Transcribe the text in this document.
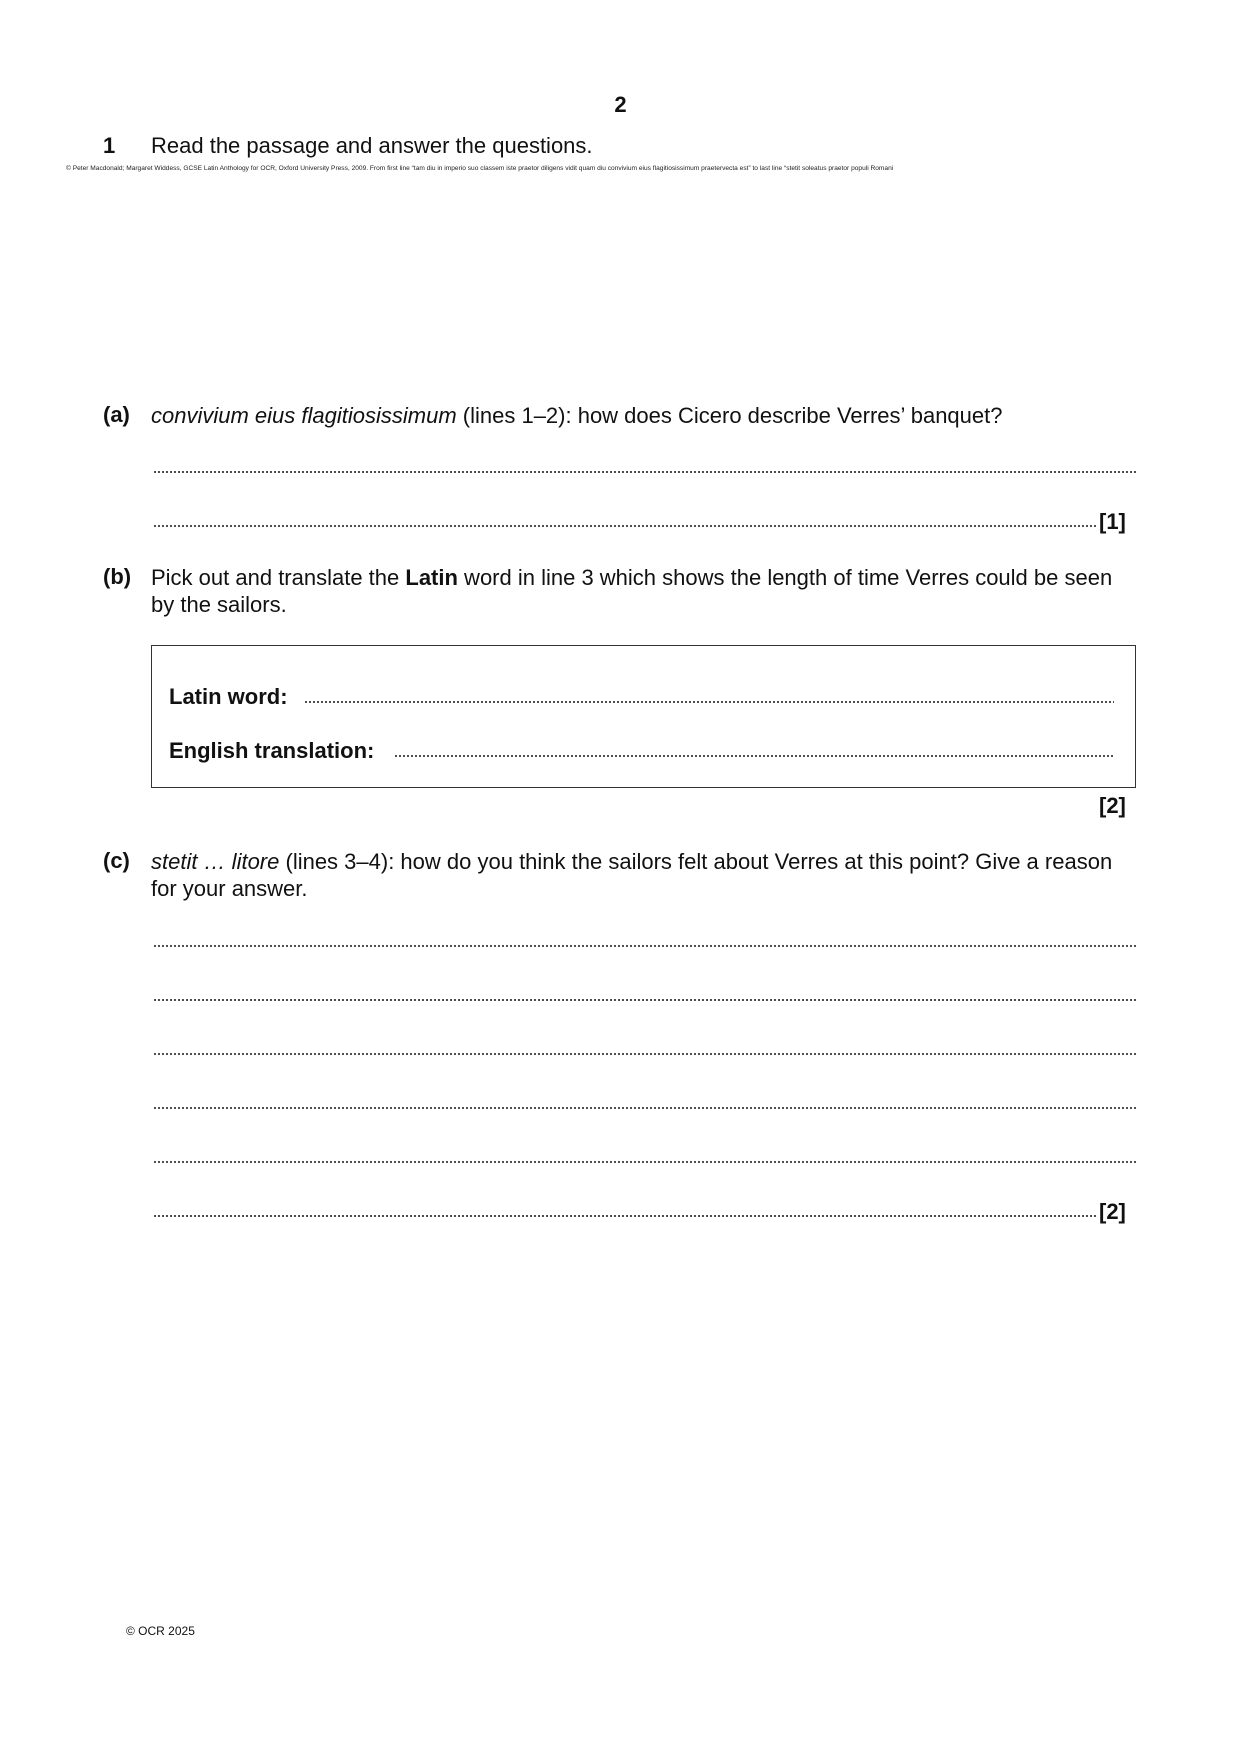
2
1 Read the passage and answer the questions.
© Peter Macdonald; Margaret Widdess, GCSE Latin Anthology for OCR, Oxford University Press, 2009. From first line “tam diu in imperio suo classem iste praetor diligens vidit quam diu convivium eius flagitiosissimum praetervecta est” to last line “stetit soleatus praetor populi Romani
(a) convivium eius flagitiosissimum (lines 1–2): how does Cicero describe Verres’ banquet?
[1]
(b) Pick out and translate the Latin word in line 3 which shows the length of time Verres could be seen by the sailors.
Latin word:
English translation:
[2]
(c) stetit … litore (lines 3–4): how do you think the sailors felt about Verres at this point? Give a reason for your answer.
[2]
© OCR 2025
